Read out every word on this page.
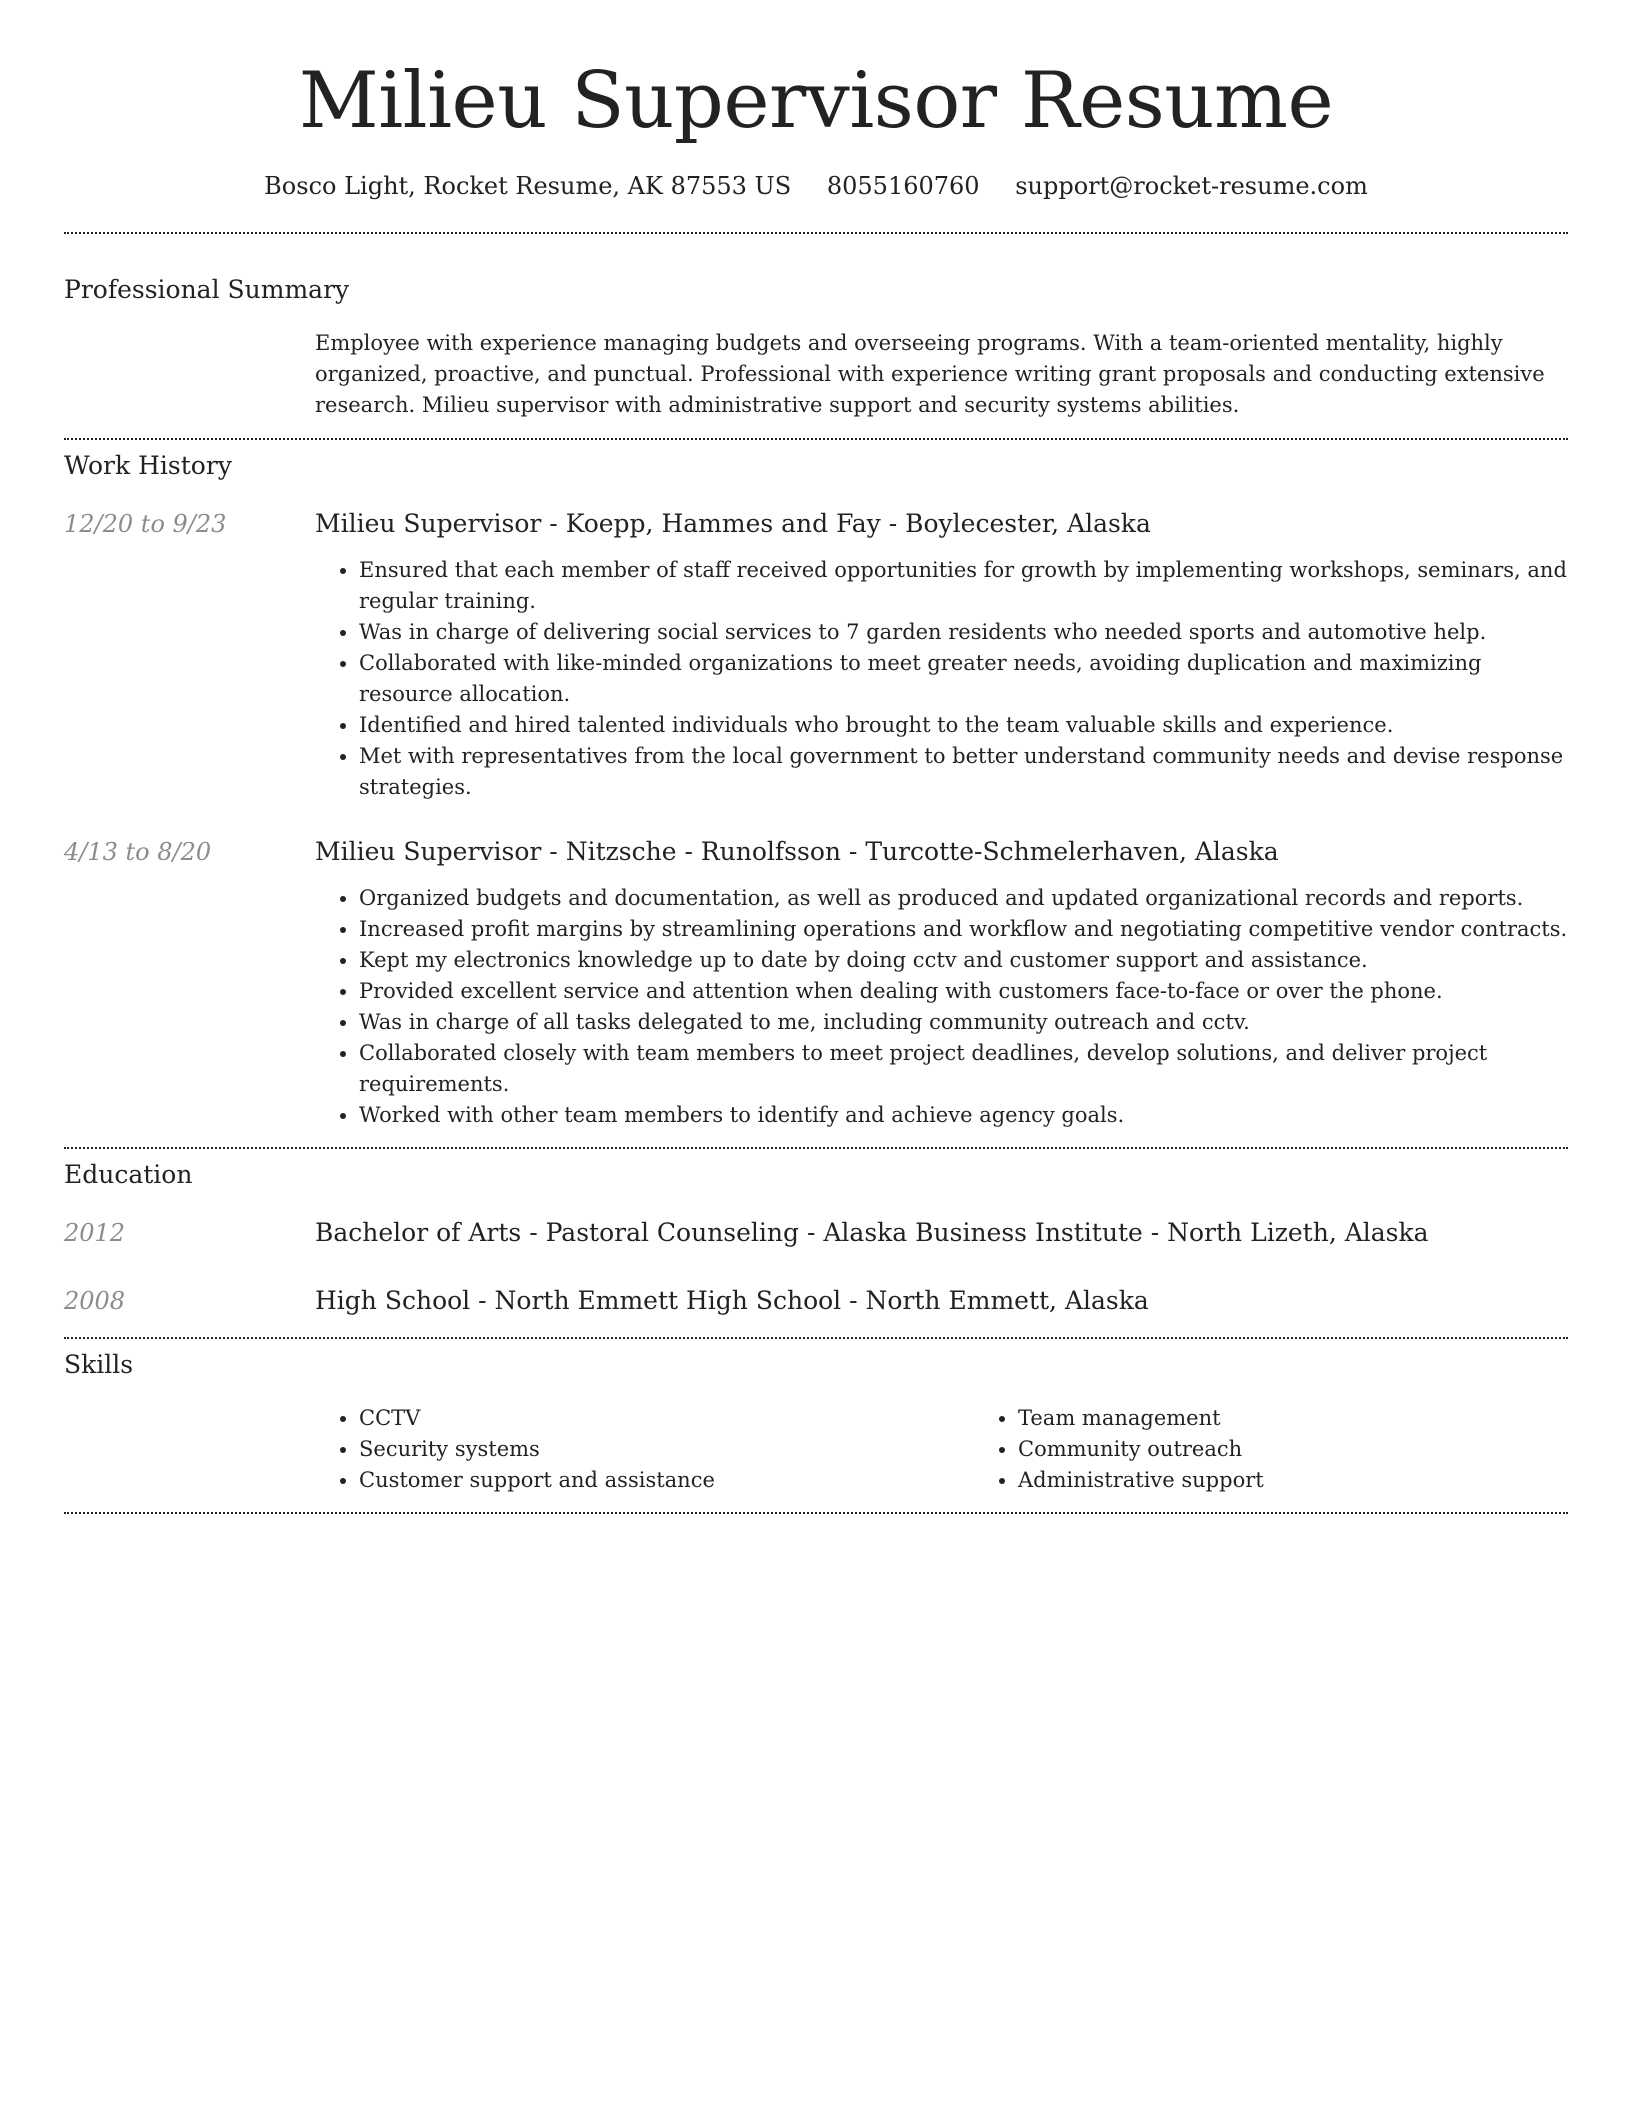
Milieu Supervisor Resume
Bosco Light, Rocket Resume, AK 87553 US 8055160760 support@rocket-resume.com
Professional Summary

Employee with experience managing budgets and overseeing programs. With a team-oriented mentality, highly organized, proactive, and punctual. Professional with experience writing grant proposals and conducting extensive research. Milieu supervisor with administrative support and security systems abilities.

Work History
12/20 to 9/23	Milieu Supervisor - Koepp, Hammes and Fay - Boylecester, Alaska

• Ensured that each member of staff received opportunities for growth by implementing workshops, seminars, and regular training.
• Was in charge of delivering social services to 7 garden residents who needed sports and automotive help.
• Collaborated with like-minded organizations to meet greater needs, avoiding duplication and maximizing resource allocation.
• Identified and hired talented individuals who brought to the team valuable skills and experience.
• Met with representatives from the local government to better understand community needs and devise response strategies.
4/13 to 8/20	Milieu Supervisor - Nitzsche - Runolfsson - Turcotte-Schmelerhaven, Alaska

• Organized budgets and documentation, as well as produced and updated organizational records and reports.
• Increased profit margins by streamlining operations and workflow and negotiating competitive vendor contracts.
• Kept my electronics knowledge up to date by doing cctv and customer support and assistance.
• Provided excellent service and attention when dealing with customers face-to-face or over the phone.
• Was in charge of all tasks delegated to me, including community outreach and cctv.
• Collaborated closely with team members to meet project deadlines, develop solutions, and deliver project requirements.
• Worked with other team members to identify and achieve agency goals.
Education
2012	Bachelor of Arts - Pastoral Counseling - Alaska Business Institute - North Lizeth, Alaska

2008	High School - North Emmett High School - North Emmett, Alaska

Skills
• CCTV
• Security systems
• Customer support and assistance
• Team management
• Community outreach
• Administrative support
